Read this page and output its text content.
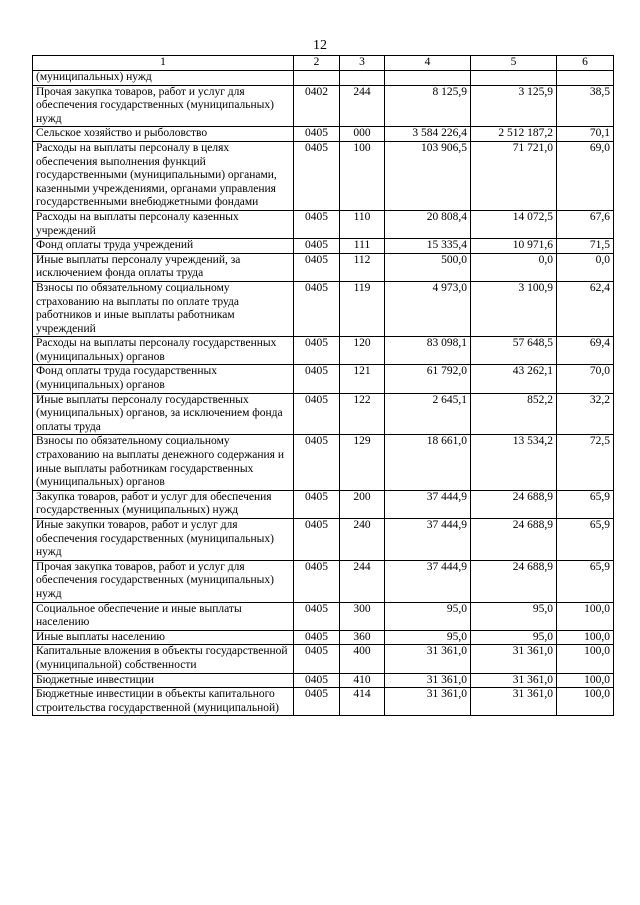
12
1	2	3	4	5	6
(муниципальных) нужд					
Прочая закупка товаров, работ и услуг для обеспечения государственных (муниципальных) нужд	0402	244	8 125,9	3 125,9	38,5
Сельское хозяйство и рыболовство	0405	000	3 584 226,4	2 512 187,2	70,1
Расходы на выплаты персоналу в целях обеспечения выполнения функций государственными (муниципальными) органами, казенными учреждениями, органами управления государственными внебюджетными фондами	0405	100	103 906,5	71 721,0	69,0
Расходы на выплаты персоналу казенных учреждений	0405	110	20 808,4	14 072,5	67,6
Фонд оплаты труда учреждений	0405	111	15 335,4	10 971,6	71,5
Иные выплаты персоналу учреждений, за исключением фонда оплаты труда	0405	112	500,0	0,0	0,0
Взносы по обязательному социальному страхованию на выплаты по оплате труда работников и иные выплаты работникам учреждений	0405	119	4 973,0	3 100,9	62,4
Расходы на выплаты персоналу государственных (муниципальных) органов	0405	120	83 098,1	57 648,5	69,4
Фонд оплаты труда государственных (муниципальных) органов	0405	121	61 792,0	43 262,1	70,0
Иные выплаты персоналу государственных (муниципальных) органов, за исключением фонда оплаты труда	0405	122	2 645,1	852,2	32,2
Взносы по обязательному социальному страхованию на выплаты денежного содержания и иные выплаты работникам государственных (муниципальных) органов	0405	129	18 661,0	13 534,2	72,5
Закупка товаров, работ и услуг для обеспечения государственных (муниципальных) нужд	0405	200	37 444,9	24 688,9	65,9
Иные закупки товаров, работ и услуг для обеспечения государственных (муниципальных) нужд	0405	240	37 444,9	24 688,9	65,9
Прочая закупка товаров, работ и услуг для обеспечения государственных (муниципальных) нужд	0405	244	37 444,9	24 688,9	65,9
Социальное обеспечение и иные выплаты населению	0405	300	95,0	95,0	100,0
Иные выплаты населению	0405	360	95,0	95,0	100,0
Капитальные вложения в объекты государственной (муниципальной) собственности	0405	400	31 361,0	31 361,0	100,0
Бюджетные инвестиции	0405	410	31 361,0	31 361,0	100,0
Бюджетные инвестиции в объекты капитального строительства государственной (муниципальной)	0405	414	31 361,0	31 361,0	100,0
